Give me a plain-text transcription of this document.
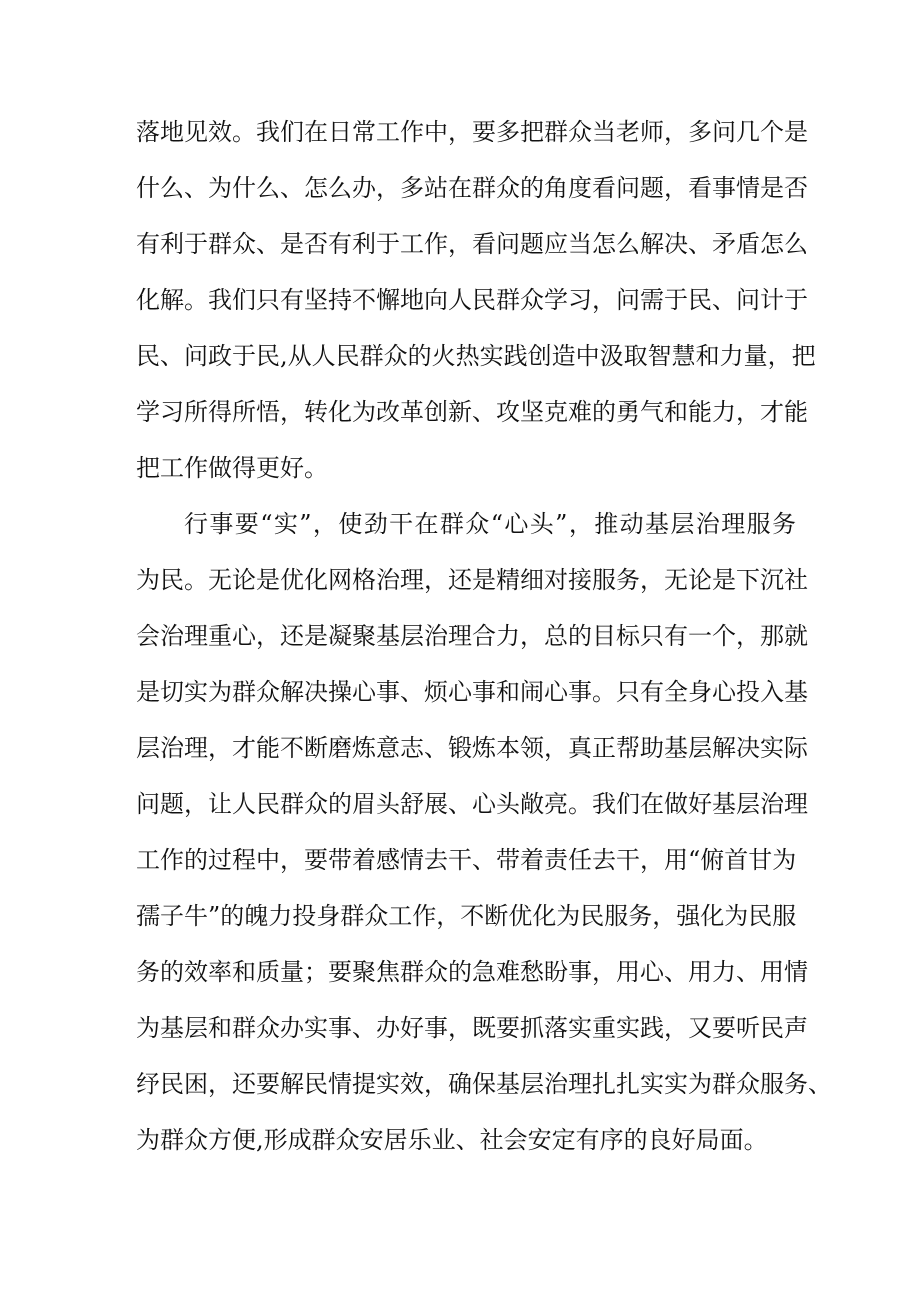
落地见效。我们在日常工作中，要多把群众当老师，多问几个是
什么、为什么、怎么办，多站在群众的角度看问题，看事情是否
有利于群众、是否有利于工作，看问题应当怎么解决、矛盾怎么
化解。我们只有坚持不懈地向人民群众学习，问需于民、问计于
民、问政于民,从人民群众的火热实践创造中汲取智慧和力量，把
学习所得所悟，转化为改革创新、攻坚克难的勇气和能力，才能
把工作做得更好。
行事要“实”，使劲干在群众“心头”，推动基层治理服务
为民。无论是优化网格治理，还是精细对接服务，无论是下沉社
会治理重心，还是凝聚基层治理合力，总的目标只有一个，那就
是切实为群众解决操心事、烦心事和闹心事。只有全身心投入基
层治理，才能不断磨炼意志、锻炼本领，真正帮助基层解决实际
问题，让人民群众的眉头舒展、心头敞亮。我们在做好基层治理
工作的过程中，要带着感情去干、带着责任去干，用“俯首甘为
孺子牛”的魄力投身群众工作，不断优化为民服务，强化为民服
务的效率和质量；要聚焦群众的急难愁盼事，用心、用力、用情
为基层和群众办实事、办好事，既要抓落实重实践，又要听民声
纾民困，还要解民情提实效，确保基层治理扎扎实实为群众服务、
为群众方便,形成群众安居乐业、社会安定有序的良好局面。
